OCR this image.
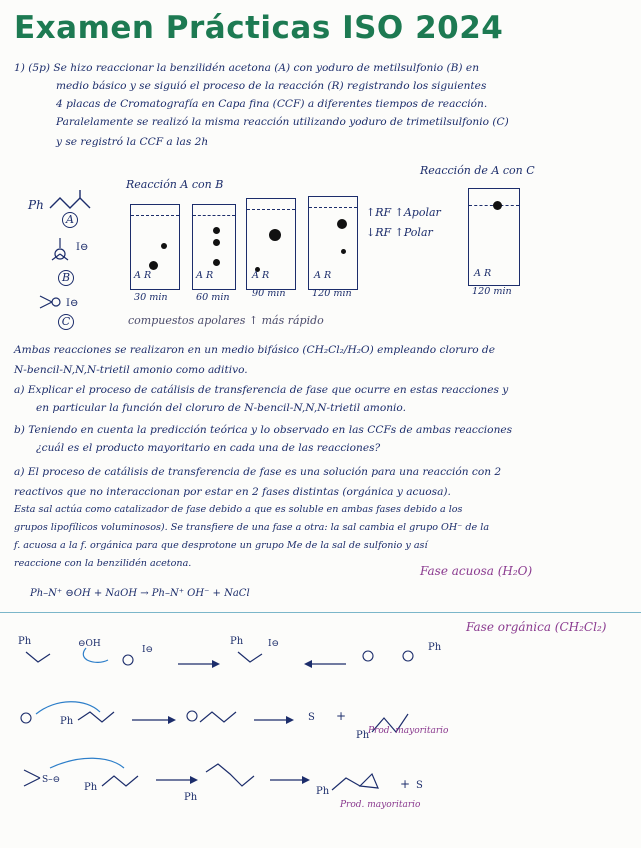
Examen Prácticas ISO 2024
1) (5p) Se hizo reaccionar la benzilidén acetona (A) con yoduro de metilsulfonio (B) en
medio básico y se siguió el proceso de la reacción (R) registrando los siguientes
4 placas de Cromatografía en Capa fina (CCF) a diferentes tiempos de reacción.
Paralelamente se realizó la misma reacción utilizando yoduro de trimetilsulfonio (C)
y se registró la CCF a las 2h
Ph
A
I⊖
B
I⊖
C
Reacción A con B
A R	A R	A R	A R
30 min	60 min 90 min	120 min
↑RF ↑Apolar
↓RF ↑Polar
Reacción de A con C
A R
120 min
compuestos apolares ↑ más rápido
Ambas reacciones se realizaron en un medio bifásico (CH₂Cl₂/H₂O) empleando cloruro de
N-bencil-N,N,N-trietil amonio como aditivo.
a) Explicar el proceso de catálisis de transferencia de fase que ocurre en estas reacciones y
en particular la función del cloruro de N-bencil-N,N,N-trietil amonio.
b) Teniendo en cuenta la predicción teórica y lo observado en las CCFs de ambas reacciones
¿cuál es el producto mayoritario en cada una de las reacciones?
a) El proceso de catálisis de transferencia de fase es una solución para una reacción con 2
reactivos que no interaccionan por estar en 2 fases distintas (orgánica y acuosa).
Esta sal actúa como catalizador de fase debido a que es soluble en ambas fases debido a los
grupos lipofílicos voluminosos). Se transfiere de una fase a otra: la sal cambia el grupo OH⁻ de la
f. acuosa a la f. orgánica para que desprotone un grupo Me de la sal de sulfonio y así
reaccione con la benzilidén acetona.
Fase acuosa (H₂O)
Ph–N⁺ ⊖OH + NaOH → Ph–N⁺ OH⁻ + NaCl
Fase orgánica (CH₂Cl₂)
Ph	⊖OH
I⊖
Ph	I⊖	Ph
Ph	S +
Ph
Prod. mayoritario
S–⊖
Ph
Ph
Ph
+ S
Prod. mayoritario
